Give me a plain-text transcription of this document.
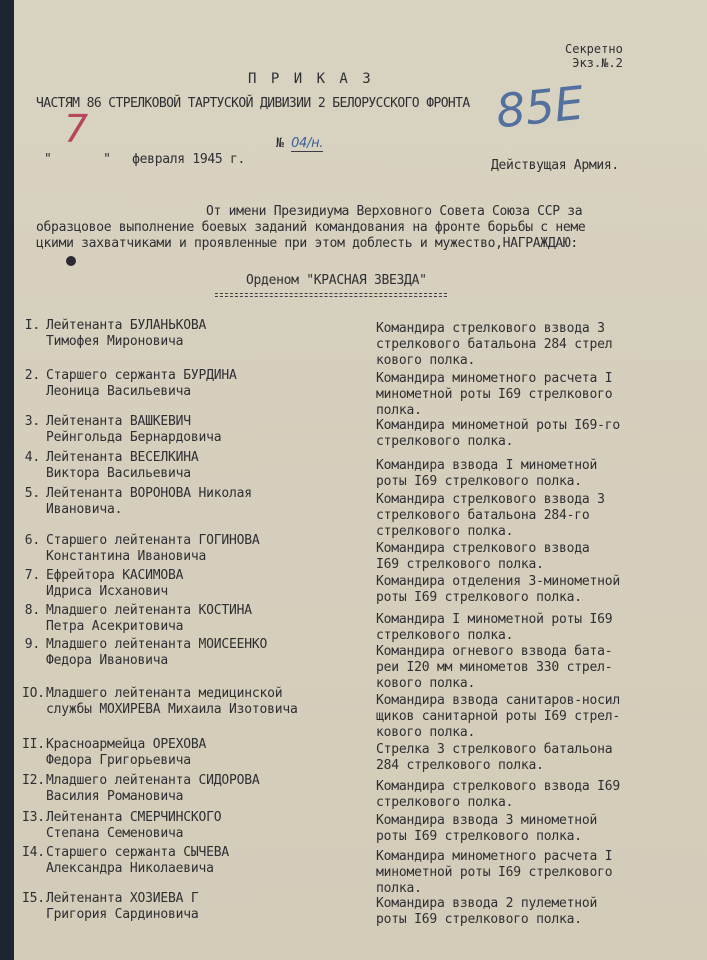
Секретно
Экз.№.2
П Р И К А З
ЧАСТЯМ 86 СТРЕЛКОВОЙ ТАРТУСКОЙ ДИВИЗИИ 2 БЕЛОРУССКОГО ФРОНТА
№ 04/н.
"
7
" февраля 1945 г.
85Е
Действущая Армия.
От имени Президиума Верховного Совета Союза ССР за
образцовое выполнение боевых заданий командования на фронте борьбы с неме
цкими захватчиками и проявленные при этом доблесть и мужество,НАГРАЖДАЮ:
Орденом "КРАСНАЯ ЗВЕЗДА"
I. Лейтенанта БУЛАНЬКОВА
Тимофея Мироновича
Командира стрелкового взвода 3
стрелкового батальона 284 стрел
кового полка.
2. Старшего сержанта БУРДИНА
Леоница Васильевича
Командира минометного расчета I
минометной роты I69 стрелкового
полка.
3. Лейтенанта ВАШКЕВИЧ
Рейнгольда Бернардовича
Командира минометной роты I69-го
стрелкового полка.
4. Лейтенанта ВЕСЕЛКИНА
Виктора Васильевича
Командира взвода I минометной
роты I69 стрелкового полка.
5. Лейтенанта ВОРОНОВА Николая
Ивановича.
Командира стрелкового взвода 3
стрелкового батальона 284-го
стрелкового полка.
6. Старшего лейтенанта ГОГИНОВА
Константина Ивановича
Командира стрелкового взвода
I69 стрелкового полка.
7. Ефрейтора КАСИМОВА
Идриса Исханович
Командира отделения 3-минометной
роты I69 стрелкового полка.
8. Младшего лейтенанта КОСТИНА
Петра Асекритовича	Командира I минометной роты I69
стрелкового полка.
9. Младшего лейтенанта МОИСЕЕНКО
Федора Ивановича
Командира огневого взвода бата-
реи I20 мм минометов 330 стрел-
кового полка.
IO.Младшего лейтенанта медицинской
службы МОХИРЕВА Михаила Изотовича
Командира взвода санитаров-носил
щиков санитарной роты I69 стрел-
кового полка.
II.Красноармейца ОРЕХОВА
Федора Григорьевича
Стрелка 3 стрелкового батальона
284 стрелкового полка.
I2.Младшего лейтенанта СИДОРОВА
Василия Романовича
Командира стрелкового взвода I69
стрелкового полка.
I3.Лейтенанта СМЕРЧИНСКОГО
Степана Семеновича
Командира взвода 3 минометной
роты I69 стрелкового полка.
I4.Старшего сержанта СЫЧЕВА
Александра Николаевича
Командира минометного расчета I
минометной роты I69 стрелкового
полка.
I5.Лейтенанта ХОЗИЕВА Г
Григория Сардиновича
Командира взвода 2 пулеметной
роты I69 стрелкового полка.
